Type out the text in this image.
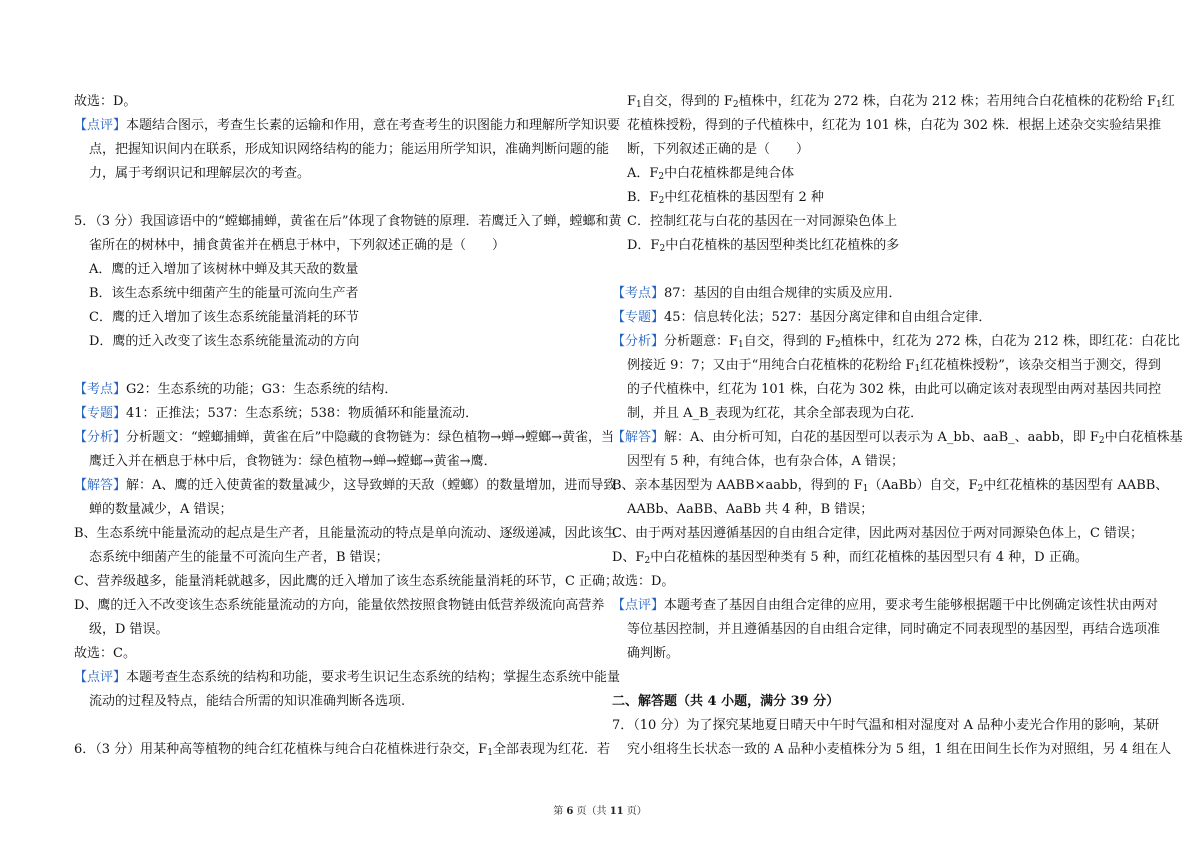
故选：D。
【点评】本题结合图示，考查生长素的运输和作用，意在考查考生的识图能力和理解所学知识要
点，把握知识间内在联系，形成知识网络结构的能力；能运用所学知识，准确判断问题的能
力，属于考纲识记和理解层次的考查。
5．（3 分）我国谚语中的“螳螂捕蝉，黄雀在后”体现了食物链的原理．若鹰迁入了蝉，螳螂和黄
雀所在的树林中，捕食黄雀并在栖息于林中，下列叙述正确的是（　　）
A．鹰的迁入增加了该树林中蝉及其天敌的数量
B．该生态系统中细菌产生的能量可流向生产者
C．鹰的迁入增加了该生态系统能量消耗的环节
D．鹰的迁入改变了该生态系统能量流动的方向
【考点】G2：生态系统的功能；G3：生态系统的结构．
【专题】41：正推法；537：生态系统；538：物质循环和能量流动．
【分析】分析题文：“螳螂捕蝉，黄雀在后”中隐藏的食物链为：绿色植物→蝉→螳螂→黄雀，当
鹰迁入并在栖息于林中后，食物链为：绿色植物→蝉→螳螂→黄雀→鹰．
【解答】解：A、鹰的迁入使黄雀的数量减少，这导致蝉的天敌（螳螂）的数量增加，进而导致
蝉的数量减少，A 错误；
B、生态系统中能量流动的起点是生产者，且能量流动的特点是单向流动、逐级递减，因此该生
态系统中细菌产生的能量不可流向生产者，B 错误；
C、营养级越多，能量消耗就越多，因此鹰的迁入增加了该生态系统能量消耗的环节，C 正确；
D、鹰的迁入不改变该生态系统能量流动的方向，能量依然按照食物链由低营养级流向高营养
级，D 错误。
故选：C。
【点评】本题考查生态系统的结构和功能，要求考生识记生态系统的结构；掌握生态系统中能量
流动的过程及特点，能结合所需的知识准确判断各选项.
6．（3 分）用某种高等植物的纯合红花植株与纯合白花植株进行杂交，$F_1$全部表现为红花．若
$F_1$自交，得到的 $F_2$植株中，红花为 272 株，白花为 212 株；若用纯合白花植株的花粉给 $F_1$红
花植株授粉，得到的子代植株中，红花为 101 株，白花为 302 株．根据上述杂交实验结果推
断，下列叙述正确的是（　　）
A．$F_2$中白花植株都是纯合体
B．$F_2$中红花植株的基因型有 2 种
C．控制红花与白花的基因在一对同源染色体上
D．$F_2$中白花植株的基因型种类比红花植株的多
【考点】87：基因的自由组合规律的实质及应用．
【专题】45：信息转化法；527：基因分离定律和自由组合定律．
【分析】分析题意：$F_1$自交，得到的 $F_2$植株中，红花为 272 株，白花为 212 株，即红花：白花比
例接近 9：7；又由于“用纯合白花植株的花粉给 $F_1$红花植株授粉”，该杂交相当于测交，得到
的子代植株中，红花为 101 株，白花为 302 株，由此可以确定该对表现型由两对基因共同控
制，并且 A_B_表现为红花，其余全部表现为白花．
【解答】解：A、由分析可知，白花的基因型可以表示为 A_bb、aaB_、aabb，即 $F_2$中白花植株基
因型有 5 种，有纯合体，也有杂合体，A 错误；
B、亲本基因型为 AABB×aabb，得到的 $F_1(AaBb)$自交，$F_2$中红花植株的基因型有 AABB、
AABb、AaBB、AaBb 共 4 种，B 错误；
C、由于两对基因遵循基因的自由组合定律，因此两对基因位于两对同源染色体上，C 错误；
D、$F_2$中白花植株的基因型种类有 5 种，而红花植株的基因型只有 4 种，D 正确。
故选：D。
【点评】本题考查了基因自由组合定律的应用，要求考生能够根据题干中比例确定该性状由两对
等位基因控制，并且遵循基因的自由组合定律，同时确定不同表现型的基因型，再结合选项准
确判断。
二、解答题（共 4 小题，满分 39 分）
7．（10 分）为了探究某地夏日晴天中午时气温和相对湿度对 A 品种小麦光合作用的影响，某研
究小组将生长状态一致的 A 品种小麦植株分为 5 组，1 组在田间生长作为对照组，另 4 组在人
第 6 页（共 11 页）
